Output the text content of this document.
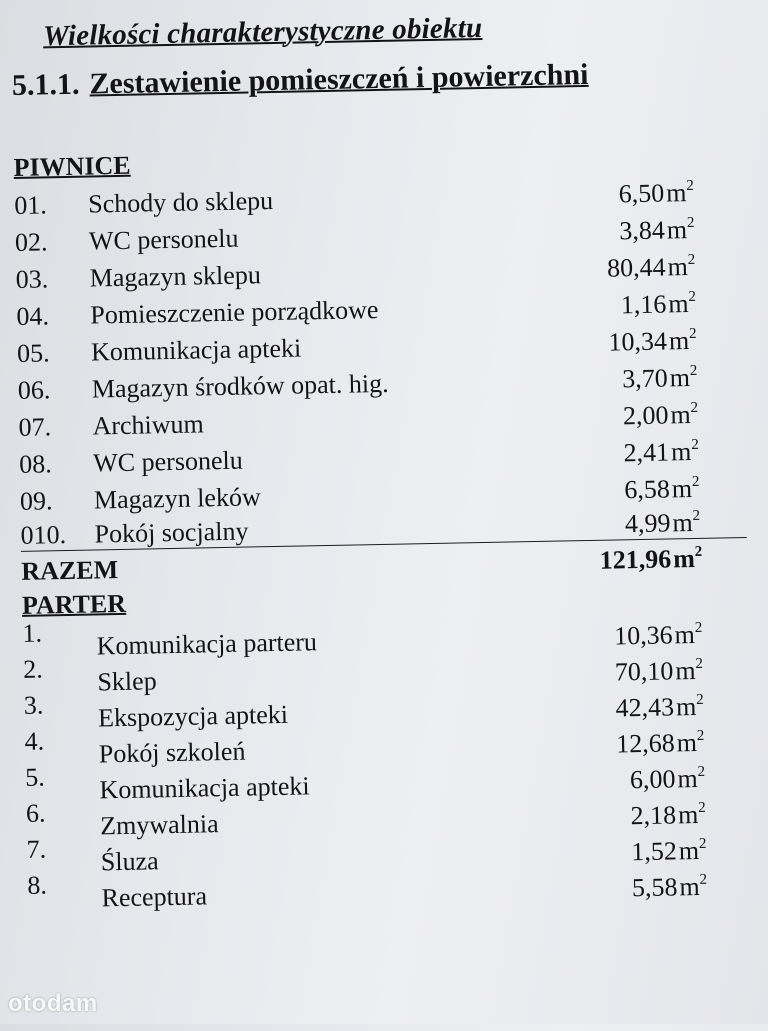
Wielkości charakterystyczne obiektu
5.1.1. Zestawienie pomieszczeń i powierzchni
PIWNICE
01. Schody do sklepu	6,50 $m^2$
02. WC personelu	3,84 $m^2$
03. Magazyn sklepu	80,44 $m^2$
04. Pomieszczenie porządkowe	1,16 $m^2$
05. Komunikacja apteki	10,34 $m^2$
06. Magazyn środków opat. hig.	3,70 $m^2$
07. Archiwum	2,00 $m^2$
08. WC personelu	2,41 $m^2$
09. Magazyn leków	6,58 $m^2$
010. Pokój socjalny	4,99 $m^2$
RAZEM	121,96 $m^2$
PARTER
1. Komunikacja parteru	10,36 $m^2$
2. Sklep	70,10 $m^2$
3. Ekspozycja apteki	42,43 $m^2$
4. Pokój szkoleń	12,68 $m^2$
5. Komunikacja apteki	6,00 $m^2$
6. Zmywalnia	2,18 $m^2$
7. Śluza	1,52 $m^2$
8. Receptura	5,58 $m^2$
otodam
